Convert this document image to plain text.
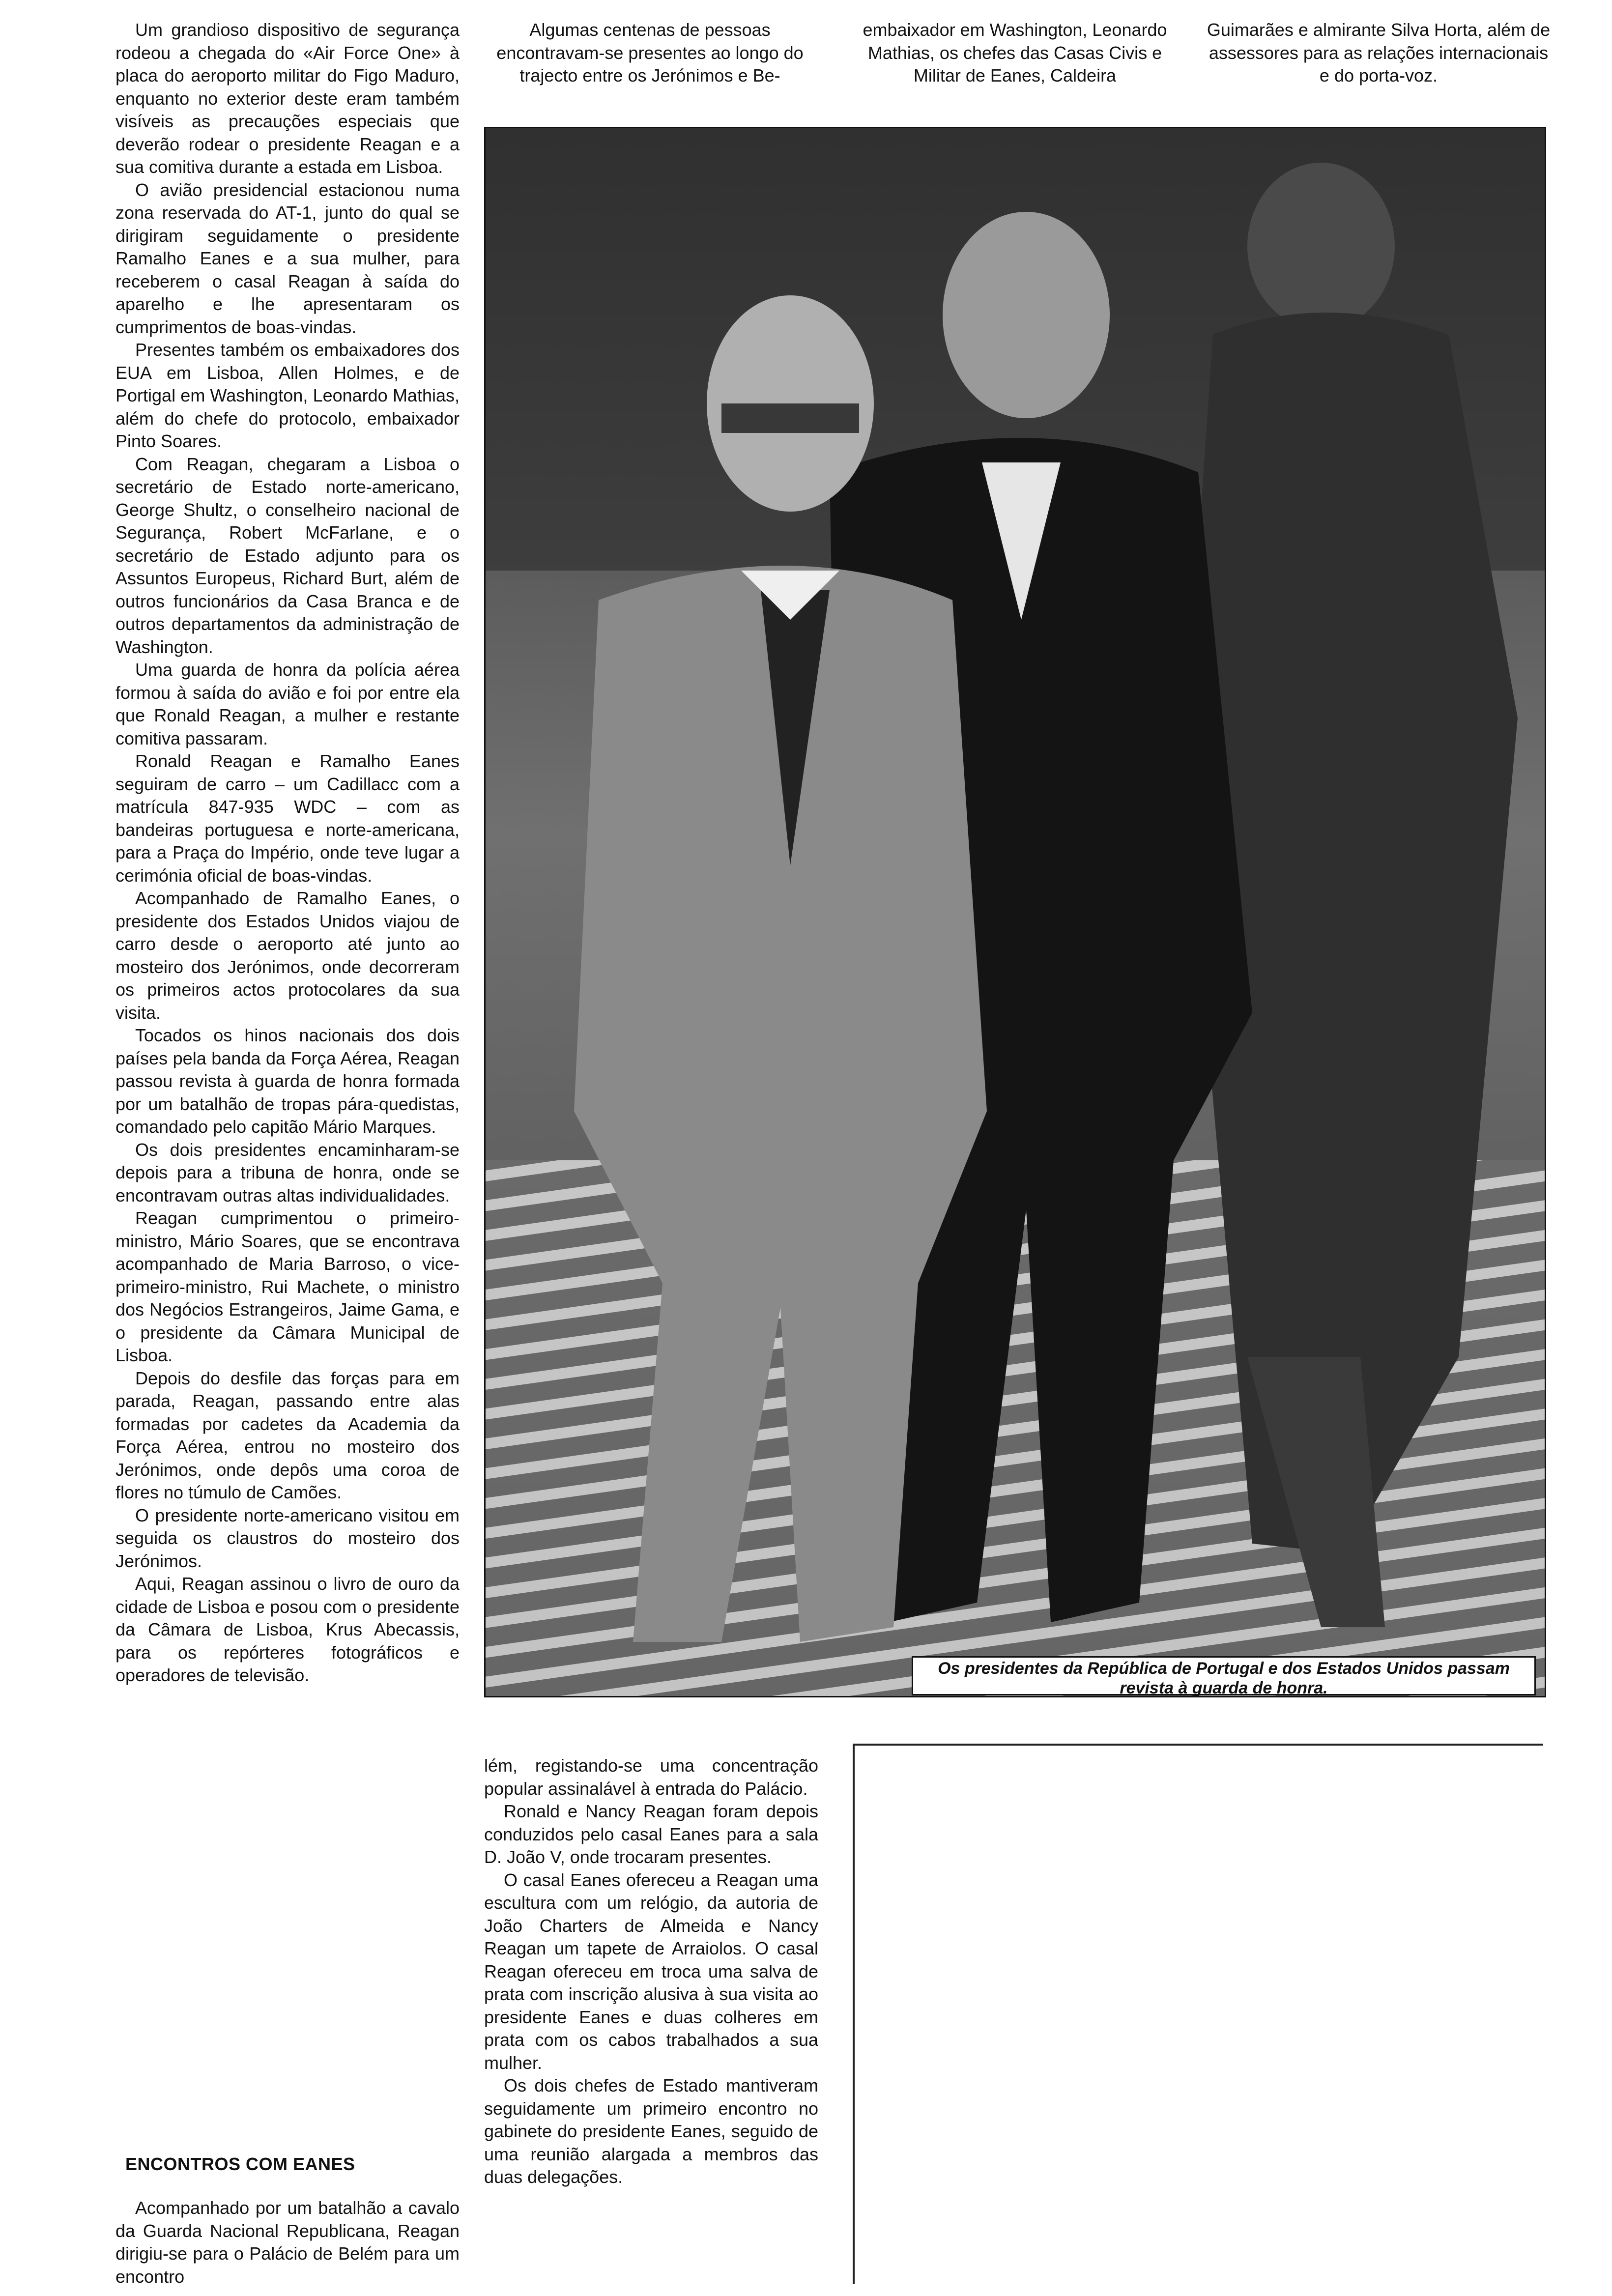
Um grandioso dispositivo de segurança rodeou a chegada do «Air Force One» à placa do aeroporto militar do Figo Maduro, enquanto no exterior deste eram também visíveis as precauções especiais que deverão rodear o presidente Reagan e a sua comitiva durante a estada em Lisboa.

O avião presidencial estacionou numa zona reservada do AT-1, junto do qual se dirigiram seguidamente o presidente Ramalho Eanes e a sua mulher, para receberem o casal Reagan à saída do aparelho e lhe apresentaram os cumprimentos de boas-vindas.

Presentes também os embaixadores dos EUA em Lisboa, Allen Holmes, e de Portigal em Washington, Leonardo Mathias, além do chefe do protocolo, embaixador Pinto Soares.

Com Reagan, chegaram a Lisboa o secretário de Estado norte-americano, George Shultz, o conselheiro nacional de Segurança, Robert McFarlane, e o secretário de Estado adjunto para os Assuntos Europeus, Richard Burt, além de outros funcionários da Casa Branca e de outros departamentos da administração de Washington.

Uma guarda de honra da polícia aérea formou à saída do avião e foi por entre ela que Ronald Reagan, a mulher e restante comitiva passaram.

Ronald Reagan e Ramalho Eanes seguiram de carro – um Cadillacc com a matrícula 847-935 WDC – com as bandeiras portuguesa e norte-americana, para a Praça do Império, onde teve lugar a cerimónia oficial de boas-vindas.

Acompanhado de Ramalho Eanes, o presidente dos Estados Unidos viajou de carro desde o aeroporto até junto ao mosteiro dos Jerónimos, onde decorreram os primeiros actos protocolares da sua visita.

Tocados os hinos nacionais dos dois países pela banda da Força Aérea, Reagan passou revista à guarda de honra formada por um batalhão de tropas pára-quedistas, comandado pelo capitão Mário Marques.

Os dois presidentes encaminharam-se depois para a tribuna de honra, onde se encontravam outras altas individualidades.

Reagan cumprimentou o primeiro-ministro, Mário Soares, que se encontrava acompanhado de Maria Barroso, o vice-primeiro-ministro, Rui Machete, o ministro dos Negócios Estrangeiros, Jaime Gama, e o presidente da Câmara Municipal de Lisboa.

Depois do desfile das forças para em parada, Reagan, passando entre alas formadas por cadetes da Academia da Força Aérea, entrou no mosteiro dos Jerónimos, onde depôs uma coroa de flores no túmulo de Camões.

O presidente norte-americano visitou em seguida os claustros do mosteiro dos Jerónimos.

Aqui, Reagan assinou o livro de ouro da cidade de Lisboa e posou com o presidente da Câmara de Lisboa, Krus Abecassis, para os repórteres fotográficos e operadores de televisão.

ENCONTROS COM EANES

Acompanhado por um batalhão a cavalo da Guarda Nacional Republicana, Reagan dirigiu-se para o Palácio de Belém para um encontro

Algumas centenas de pessoas encontravam-se presentes ao longo do trajecto entre os Jerónimos e Be-

embaixador em Washington, Leonardo Mathias, os chefes das Casas Civis e Militar de Eanes, Caldeira

Guimarães e almirante Silva Horta, além de assessores para as relações internacionais e do porta-voz.

Os presidentes da República de Portugal e dos Estados Unidos passam revista à guarda de honra.

lém, registando-se uma concentração popular assinalável à entrada do Palácio.

Ronald e Nancy Reagan foram depois conduzidos pelo casal Eanes para a sala D. João V, onde trocaram presentes.

O casal Eanes ofereceu a Reagan uma escultura com um relógio, da autoria de João Charters de Almeida e Nancy Reagan um tapete de Arraiolos. O casal Reagan ofereceu em troca uma salva de prata com inscrição alusiva à sua visita ao presidente Eanes e duas colheres em prata com os cabos trabalhados a sua mulher.

Os dois chefes de Estado mantiveram seguidamente um primeiro encontro no gabinete do presidente Eanes, seguido de uma reunião alargada a membros das duas delegações.
